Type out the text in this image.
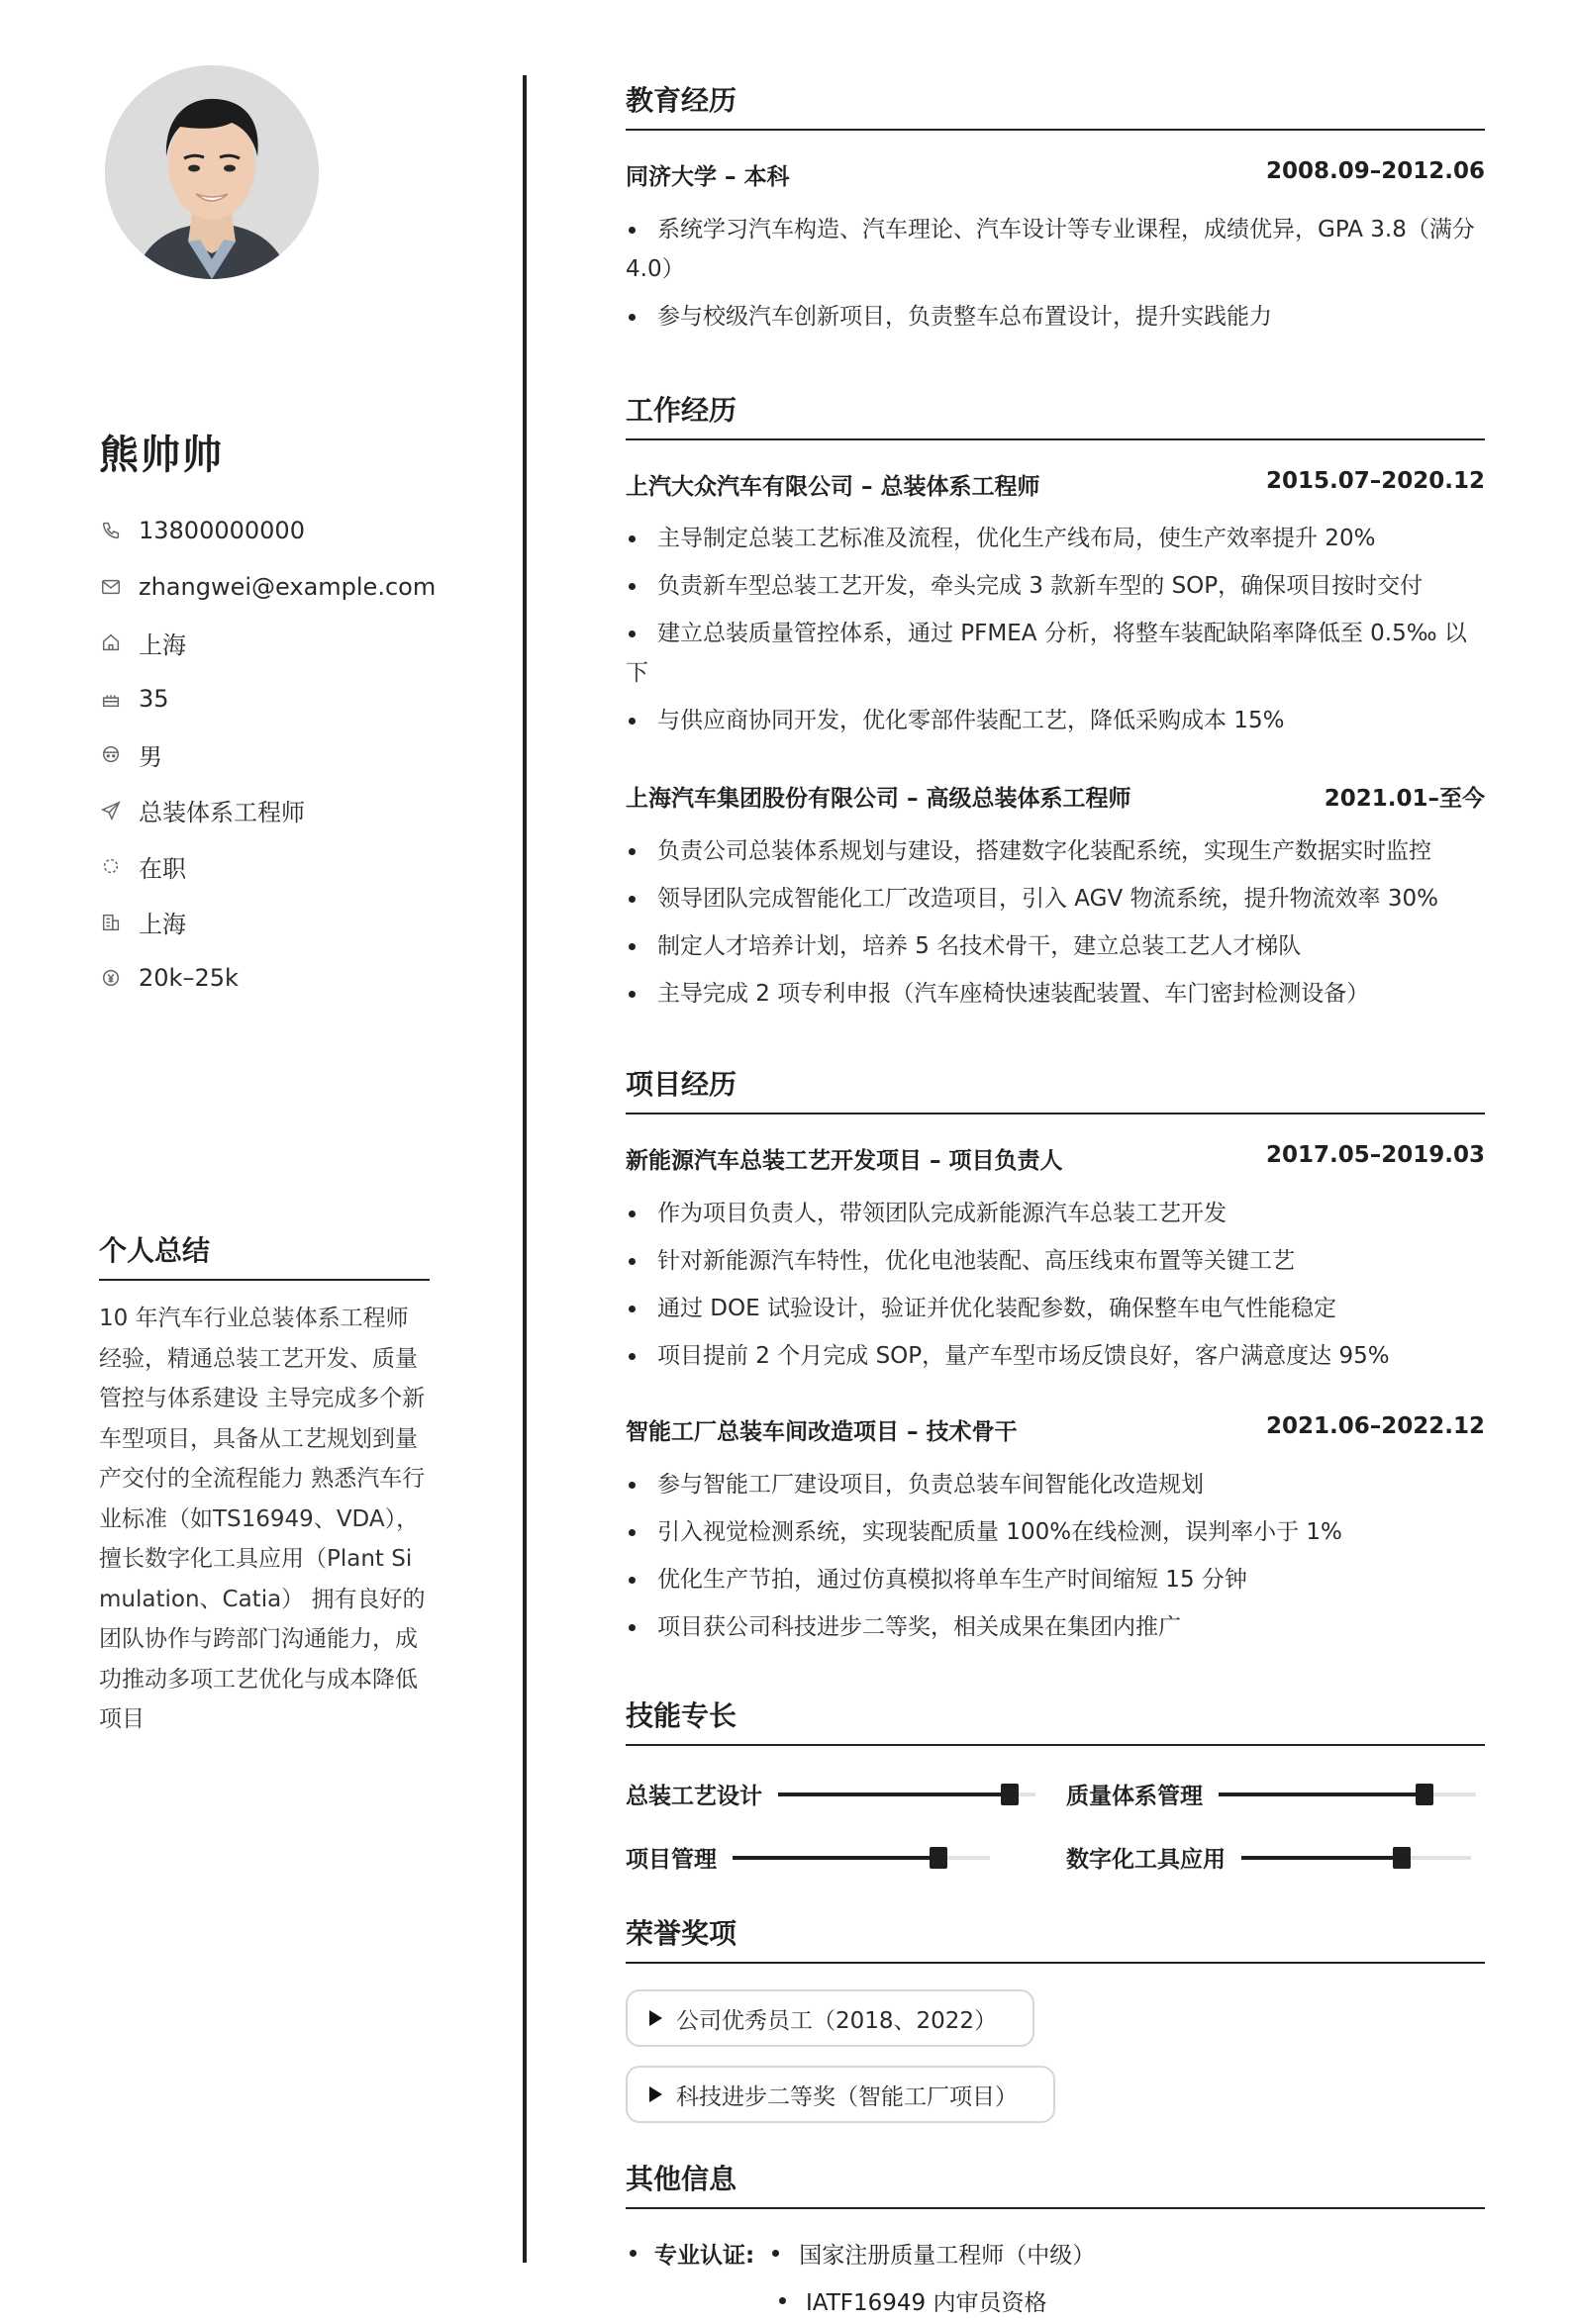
熊帅帅
13800000000
zhangwei@example.com
上海
35
男
总装体系工程师
在职
上海
20k–25k
个人总结

10 年汽车行业总装体系工程师经验，精通总装工艺开发、质量管控与体系建设 主导完成多个新车型项目，具备从工艺规划到量产交付的全流程能力 熟悉汽车行业标准（如TS16949、VDA），擅长数字化工具应用（Plant Simulation、Catia） 拥有良好的团队协作与跨部门沟通能力，成功推动多项工艺优化与成本降低项目

教育经历
同济大学 – 本科	2008.09–2012.06
系统学习汽车构造、汽车理论、汽车设计等专业课程，成绩优异，GPA 3.8（满分 4.0）
参与校级汽车创新项目，负责整车总布置设计，提升实践能力
工作经历
上汽大众汽车有限公司 – 总装体系工程师	2015.07–2020.12
主导制定总装工艺标准及流程，优化生产线布局，使生产效率提升 20%
负责新车型总装工艺开发，牵头完成 3 款新车型的 SOP，确保项目按时交付
建立总装质量管控体系，通过 PFMEA 分析，将整车装配缺陷率降低至 0.5‰ 以下
与供应商协同开发，优化零部件装配工艺，降低采购成本 15%
上海汽车集团股份有限公司 – 高级总装体系工程师	2021.01–至今
负责公司总装体系规划与建设，搭建数字化装配系统，实现生产数据实时监控
领导团队完成智能化工厂改造项目，引入 AGV 物流系统，提升物流效率 30%
制定人才培养计划，培养 5 名技术骨干，建立总装工艺人才梯队
主导完成 2 项专利申报（汽车座椅快速装配装置、车门密封检测设备）
项目经历
新能源汽车总装工艺开发项目 – 项目负责人	2017.05–2019.03
作为项目负责人，带领团队完成新能源汽车总装工艺开发
针对新能源汽车特性，优化电池装配、高压线束布置等关键工艺
通过 DOE 试验设计，验证并优化装配参数，确保整车电气性能稳定
项目提前 2 个月完成 SOP，量产车型市场反馈良好，客户满意度达 95%
智能工厂总装车间改造项目 – 技术骨干	2021.06–2022.12
参与智能工厂建设项目，负责总装车间智能化改造规划
引入视觉检测系统，实现装配质量 100%在线检测，误判率小于 1%
优化生产节拍，通过仿真模拟将单车生产时间缩短 15 分钟
项目获公司科技进步二等奖，相关成果在集团内推广
技能专长
总装工艺设计	质量体系管理
项目管理	数字化工具应用
荣誉奖项
公司优秀员工（2018、2022）
科技进步二等奖（智能工厂项目）
其他信息
专业认证: 国家注册质量工程师（中级）
IATF16949 内审员资格
